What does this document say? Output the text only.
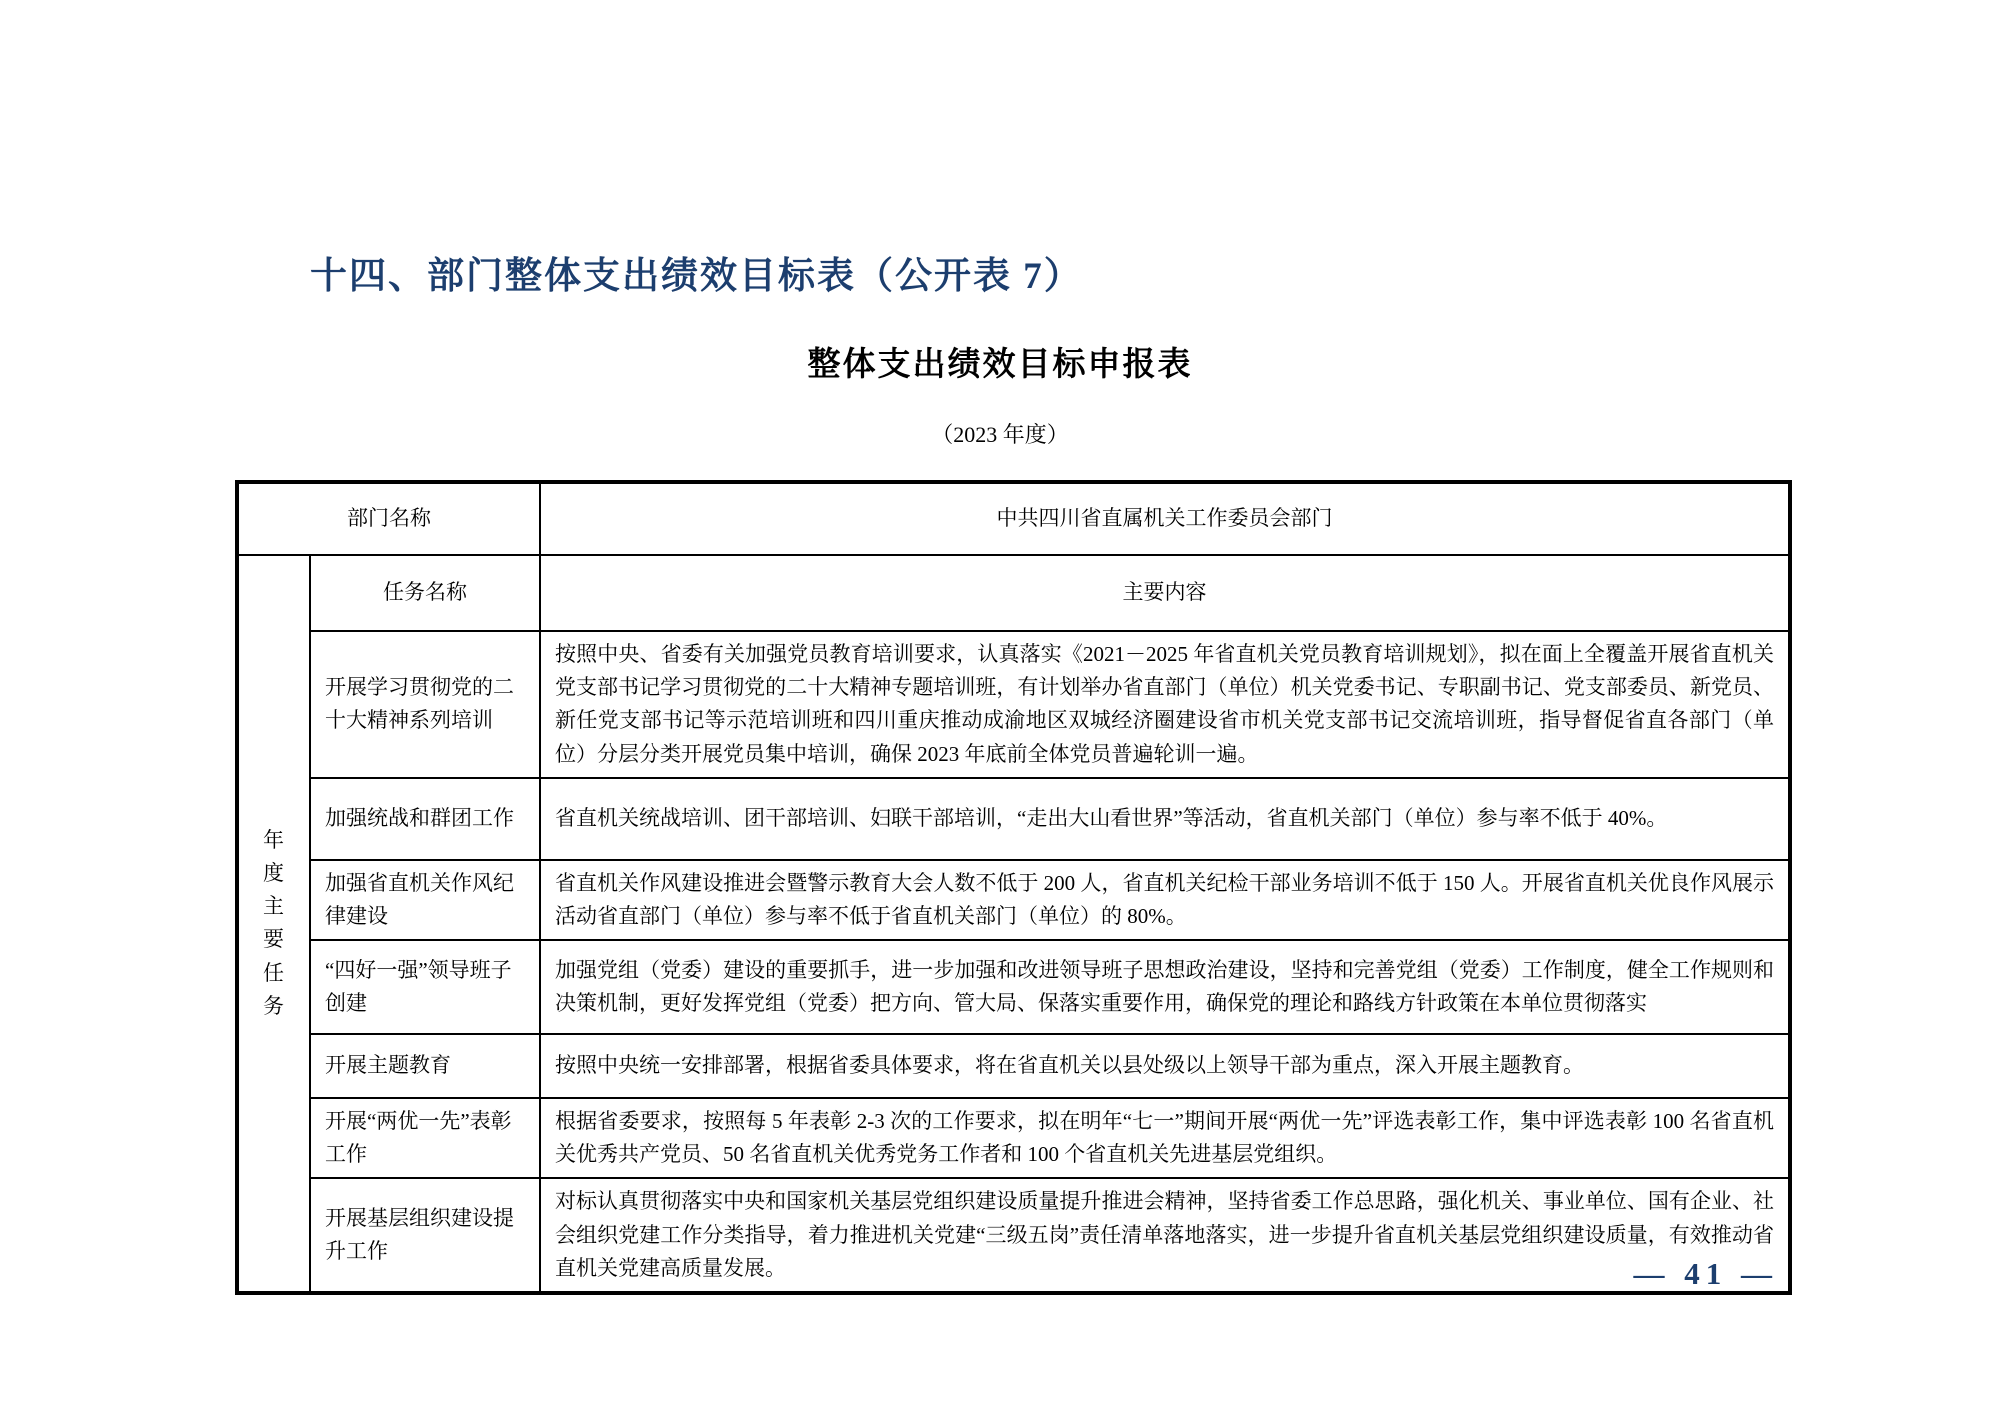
十四、部门整体支出绩效目标表（公开表 7）
整体支出绩效目标申报表
（2023 年度）
部门名称		中共四川省直属机关工作委员会部门
年度主要任务	任务名称	主要内容
	开展学习贯彻党的二十大精神系列培训	按照中央、省委有关加强党员教育培训要求，认真落实《2021－2025 年省直机关党员教育培训规划》，拟在面上全覆盖开展省直机关党支部书记学习贯彻党的二十大精神专题培训班，有计划举办省直部门（单位）机关党委书记、专职副书记、党支部委员、新党员、新任党支部书记等示范培训班和四川重庆推动成渝地区双城经济圈建设省市机关党支部书记交流培训班，指导督促省直各部门（单位）分层分类开展党员集中培训，确保 2023 年底前全体党员普遍轮训一遍。
	加强统战和群团工作	省直机关统战培训、团干部培训、妇联干部培训，“走出大山看世界”等活动，省直机关部门（单位）参与率不低于 40%。
	加强省直机关作风纪律建设	省直机关作风建设推进会暨警示教育大会人数不低于 200 人，省直机关纪检干部业务培训不低于 150 人。开展省直机关优良作风展示活动省直部门（单位）参与率不低于省直机关部门（单位）的 80%。
	“四好一强”领导班子创建	加强党组（党委）建设的重要抓手，进一步加强和改进领导班子思想政治建设，坚持和完善党组（党委）工作制度，健全工作规则和决策机制，更好发挥党组（党委）把方向、管大局、保落实重要作用，确保党的理论和路线方针政策在本单位贯彻落实
	开展主题教育	按照中央统一安排部署，根据省委具体要求，将在省直机关以县处级以上领导干部为重点，深入开展主题教育。
	开展“两优一先”表彰工作	根据省委要求，按照每 5 年表彰 2-3 次的工作要求，拟在明年“七一”期间开展“两优一先”评选表彰工作，集中评选表彰 100 名省直机关优秀共产党员、50 名省直机关优秀党务工作者和 100 个省直机关先进基层党组织。
	开展基层组织建设提升工作	对标认真贯彻落实中央和国家机关基层党组织建设质量提升推进会精神，坚持省委工作总思路，强化机关、事业单位、国有企业、社会组织党建工作分类指导，着力推进机关党建“三级五岗”责任清单落地落实，进一步提升省直机关基层党组织建设质量，有效推动省直机关党建高质量发展。	— 41 —
